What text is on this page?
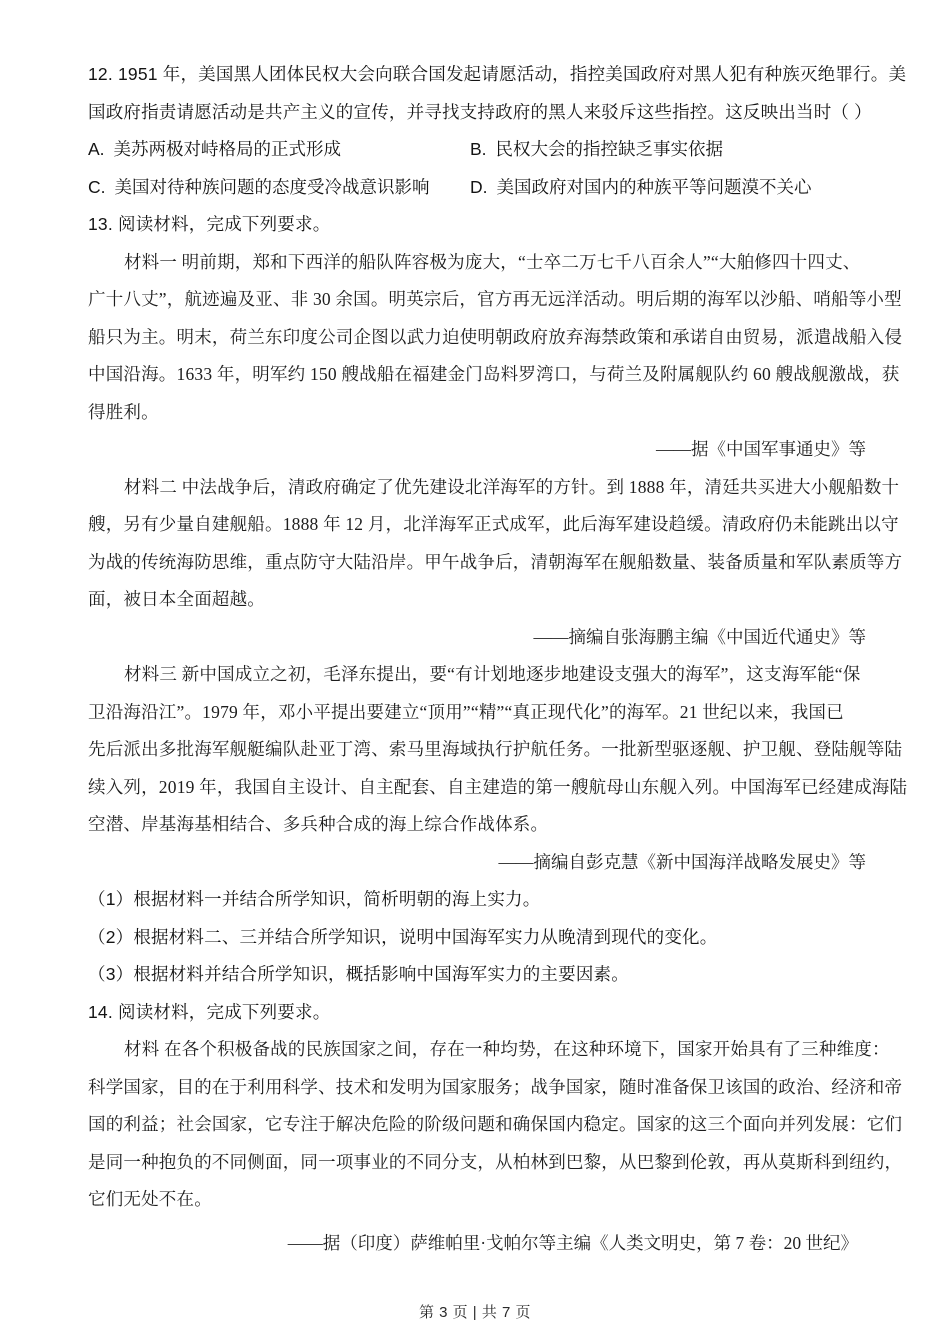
12. 1951 年，美国黑人团体民权大会向联合国发起请愿活动，指控美国政府对黑人犯有种族灭绝罪行。美
国政府指责请愿活动是共产主义的宣传，并寻找支持政府的黑人来驳斥这些指控。这反映出当时（ ）
A. 美苏两极对峙格局的正式形成	B. 民权大会的指控缺乏事实依据
C. 美国对待种族问题的态度受冷战意识影响 D. 美国政府对国内的种族平等问题漠不关心
13. 阅读材料，完成下列要求。
材料一 明前期，郑和下西洋的船队阵容极为庞大，“士卒二万七千八百余人”“大舶修四十四丈、
广十八丈”，航迹遍及亚、非 30 余国。明英宗后，官方再无远洋活动。明后期的海军以沙船、哨船等小型
船只为主。明末，荷兰东印度公司企图以武力迫使明朝政府放弃海禁政策和承诺自由贸易，派遣战船入侵
中国沿海。1633 年，明军约 150 艘战船在福建金门岛料罗湾口，与荷兰及附属舰队约 60 艘战舰激战，获
得胜利。
——据《中国军事通史》等
材料二 中法战争后，清政府确定了优先建设北洋海军的方针。到 1888 年，清廷共买进大小舰船数十
艘，另有少量自建舰船。1888 年 12 月，北洋海军正式成军，此后海军建设趋缓。清政府仍未能跳出以守
为战的传统海防思维，重点防守大陆沿岸。甲午战争后，清朝海军在舰船数量、装备质量和军队素质等方
面，被日本全面超越。
——摘编自张海鹏主编《中国近代通史》等
材料三 新中国成立之初，毛泽东提出，要“有计划地逐步地建设支强大的海军”，这支海军能“保
卫沿海沿江”。1979 年，邓小平提出要建立“顶用”“精”“真正现代化”的海军。21 世纪以来，我国已
先后派出多批海军舰艇编队赴亚丁湾、索马里海域执行护航任务。一批新型驱逐舰、护卫舰、登陆舰等陆
续入列，2019 年，我国自主设计、自主配套、自主建造的第一艘航母山东舰入列。中国海军已经建成海陆
空潜、岸基海基相结合、多兵种合成的海上综合作战体系。
——摘编自彭克慧《新中国海洋战略发展史》等
（1）根据材料一并结合所学知识，简析明朝的海上实力。
（2）根据材料二、三并结合所学知识，说明中国海军实力从晚清到现代的变化。
（3）根据材料并结合所学知识，概括影响中国海军实力的主要因素。
14. 阅读材料，完成下列要求。
材料 在各个积极备战的民族国家之间，存在一种均势，在这种环境下，国家开始具有了三种维度：
科学国家，目的在于利用科学、技术和发明为国家服务；战争国家，随时准备保卫该国的政治、经济和帝
国的利益；社会国家，它专注于解决危险的阶级问题和确保国内稳定。国家的这三个面向并列发展：它们
是同一种抱负的不同侧面，同一项事业的不同分支，从柏林到巴黎，从巴黎到伦敦，再从莫斯科到纽约，
它们无处不在。
——据（印度）萨维帕里·戈帕尔等主编《人类文明史，第 7 卷：20 世纪》
第 3 页 | 共 7 页
